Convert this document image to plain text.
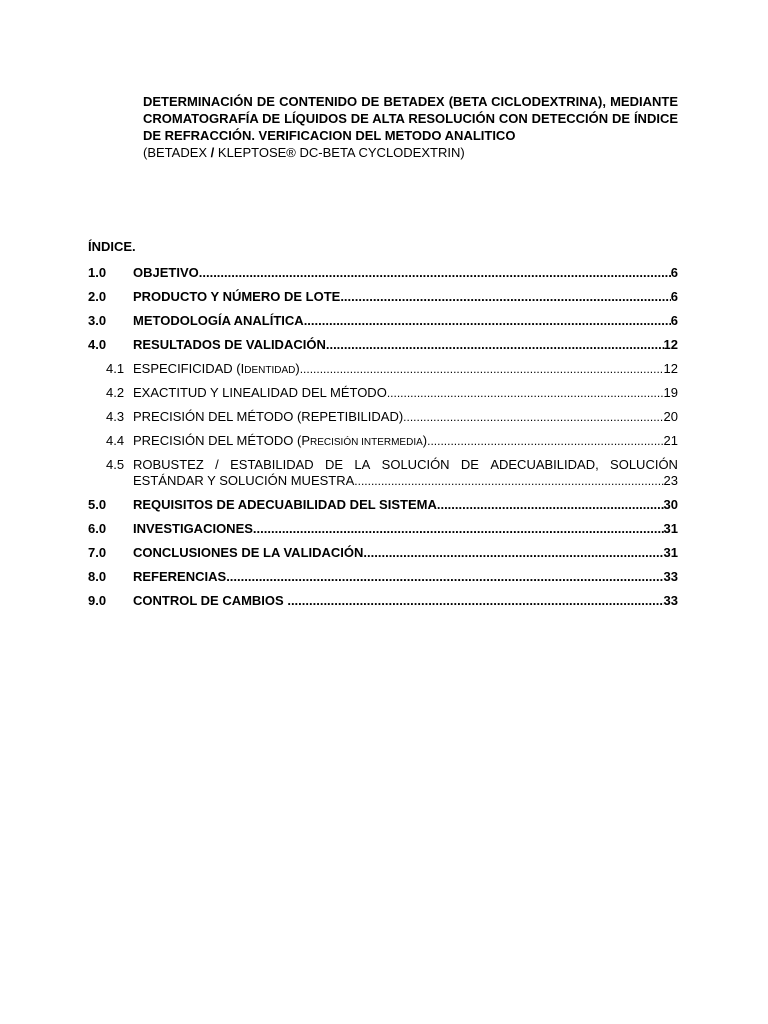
DETERMINACIÓN DE CONTENIDO DE BETADEX (BETA CICLODEXTRINA), MEDIANTE CROMATOGRAFÍA DE LÍQUIDOS DE ALTA RESOLUCIÓN CON DETECCIÓN DE ÍNDICE DE REFRACCIÓN. VERIFICACION DEL METODO ANALITICO
(BETADEX / KLEPTOSE® DC-BETA CYCLODEXTRIN)
ÍNDICE.
1.0	OBJETIVO .....	6
2.0	PRODUCTO Y NÚMERO DE LOTE .....	6
3.0	METODOLOGÍA ANALÍTICA .....	6
4.0	RESULTADOS DE VALIDACIÓN .....	12
4.1 ESPECIFICIDAD (IDENTIDAD) .....	12
4.2 EXACTITUD Y LINEALIDAD DEL MÉTODO .....	19
4.3 PRECISIÓN DEL MÉTODO (REPETIBILIDAD) .....	20
4.4 PRECISIÓN DEL MÉTODO (PRECISIÓN INTERMEDIA) .....	21
4.5 ROBUSTEZ / ESTABILIDAD DE LA SOLUCIÓN DE ADECUABILIDAD, SOLUCIÓN
ESTÁNDAR Y SOLUCIÓN MUESTRA .....	23
5.0	REQUISITOS DE ADECUABILIDAD DEL SISTEMA .....	30
6.0	INVESTIGACIONES .....	31
7.0	CONCLUSIONES DE LA VALIDACIÓN .....	31
8.0	REFERENCIAS .....	33
9.0	CONTROL DE CAMBIOS .....	33
